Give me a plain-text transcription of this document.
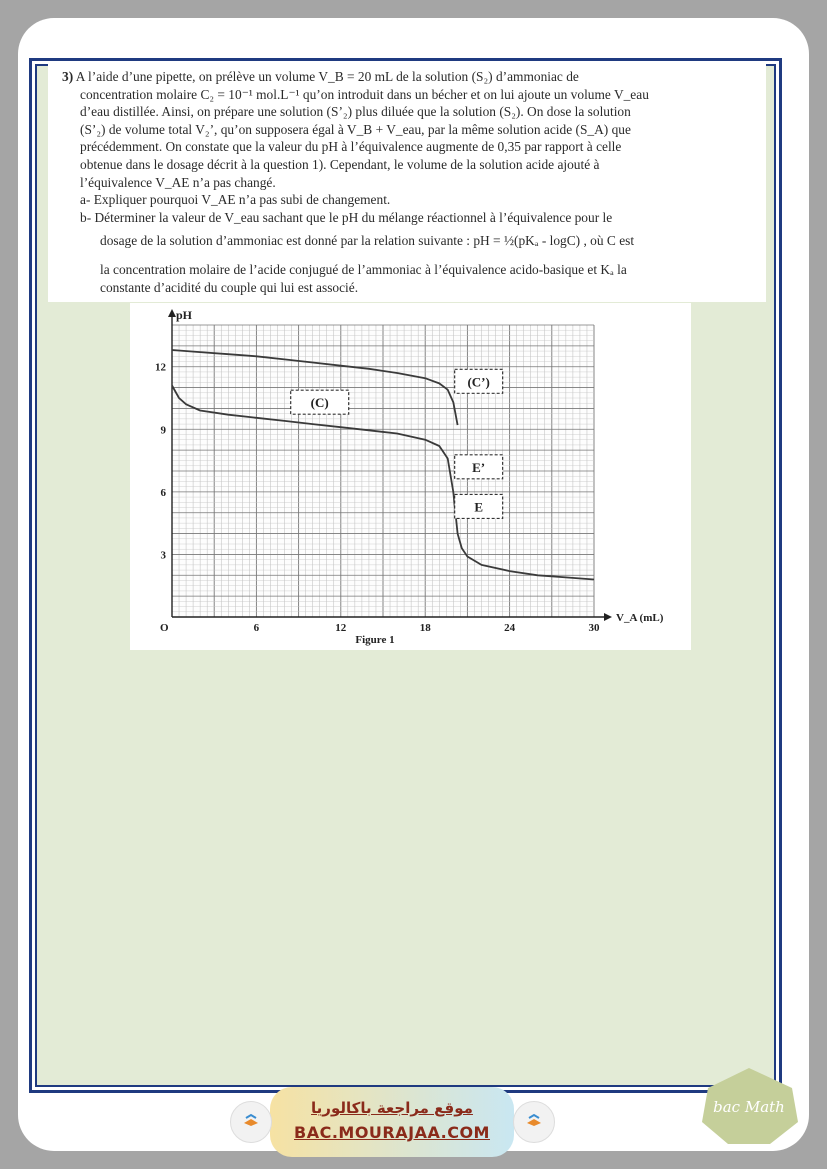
3) A l’aide d’une pipette, on prélève un volume V_B = 20 mL de la solution (S₂) d’ammoniac de
concentration molaire C₂ = 10⁻¹ mol.L⁻¹ qu’on introduit dans un bécher et on lui ajoute un volume V_eau
d’eau distillée. Ainsi, on prépare une solution (S’₂) plus diluée que la solution (S₂). On dose la solution
(S’₂) de volume total V₂’, qu’on supposera égal à V_B + V_eau, par la même solution acide (S_A) que
précédemment. On constate que la valeur du pH à l’équivalence augmente de 0,35 par rapport à celle
obtenue dans le dosage décrit à la question 1). Cependant, le volume de la solution acide ajouté à
l’équivalence V_AE n’a pas changé.
a- Expliquer pourquoi V_AE n’a pas subi de changement.
b- Déterminer la valeur de V_eau sachant que le pH du mélange réactionnel à l’équivalence pour le
dosage de la solution d’ammoniac est donné par la relation suivante : pH = ½(pKₐ - logC) , où C est
la concentration molaire de l’acide conjugué de l’ammoniac à l’équivalence acido-basique et Kₐ la
constante d’acidité du couple qui lui est associé.
pH
V_A (mL)
O
Figure 1
6	12	18	24	30
3
6
9
12
(C)
(C’)
E’
E
موقع مراجعة باكالوريا
BAC.MOURAJAA.COM
bac Math
